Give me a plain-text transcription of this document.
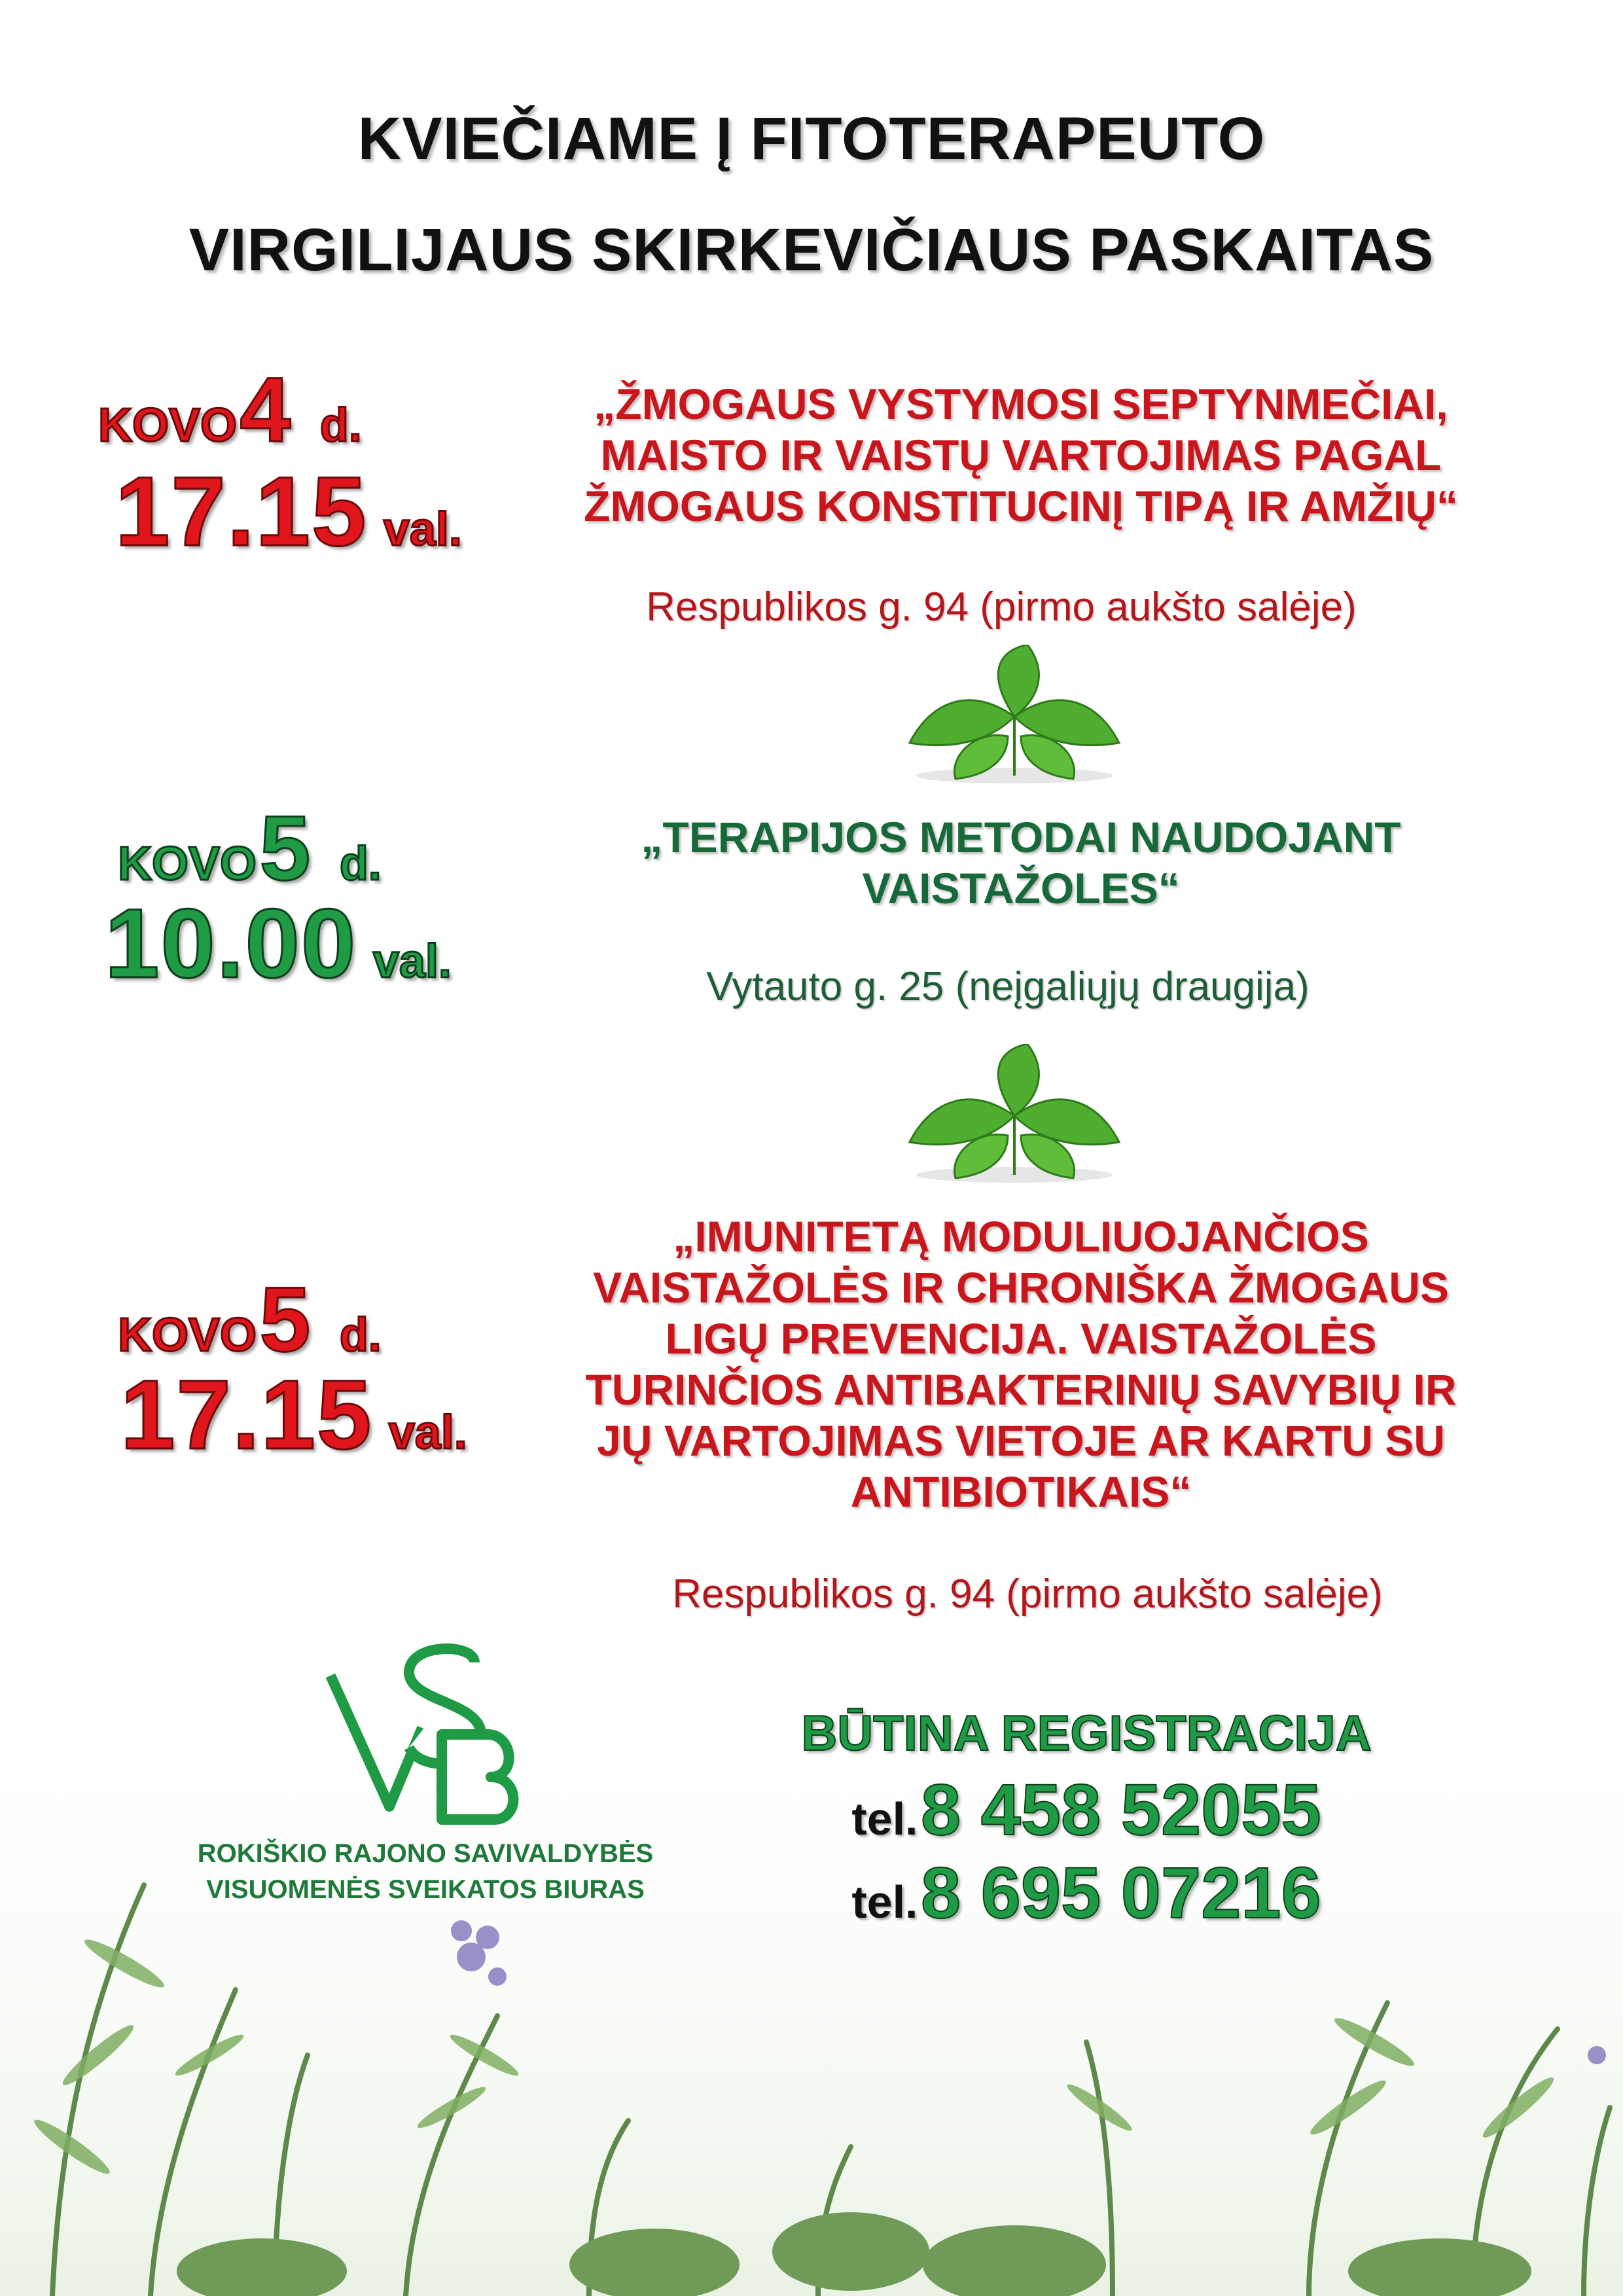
KVIEČIAME Į FITOTERAPEUTO
VIRGILIJAUS SKIRKEVIČIAUS PASKAITAS
KOVO 4 d.
17.15 val.
„ŽMOGAUS VYSTYMOSI SEPTYNMEČIAI,
MAISTO IR VAISTŲ VARTOJIMAS PAGAL
ŽMOGAUS KONSTITUCINĮ TIPĄ IR AMŽIŲ“
Respublikos g. 94 (pirmo aukšto salėje)
KOVO 5 d.
10.00 val.
„TERAPIJOS METODAI NAUDOJANT
VAISTAŽOLES“
Vytauto g. 25 (neįgaliųjų draugija)
KOVO 5 d.
17.15 val.
„IMUNITETĄ MODULIUOJANČIOS
VAISTAŽOLĖS IR CHRONIŠKA ŽMOGAUS
LIGŲ PREVENCIJA. VAISTAŽOLĖS
TURINČIOS ANTIBAKTERINIŲ SAVYBIŲ IR
JŲ VARTOJIMAS VIETOJE AR KARTU SU
ANTIBIOTIKAIS“
Respublikos g. 94 (pirmo aukšto salėje)
ROKIŠKIO RAJONO SAVIVALDYBĖS
VISUOMENĖS SVEIKATOS BIURAS
BŪTINA REGISTRACIJA
tel. 8 458 52055
tel. 8 695 07216
